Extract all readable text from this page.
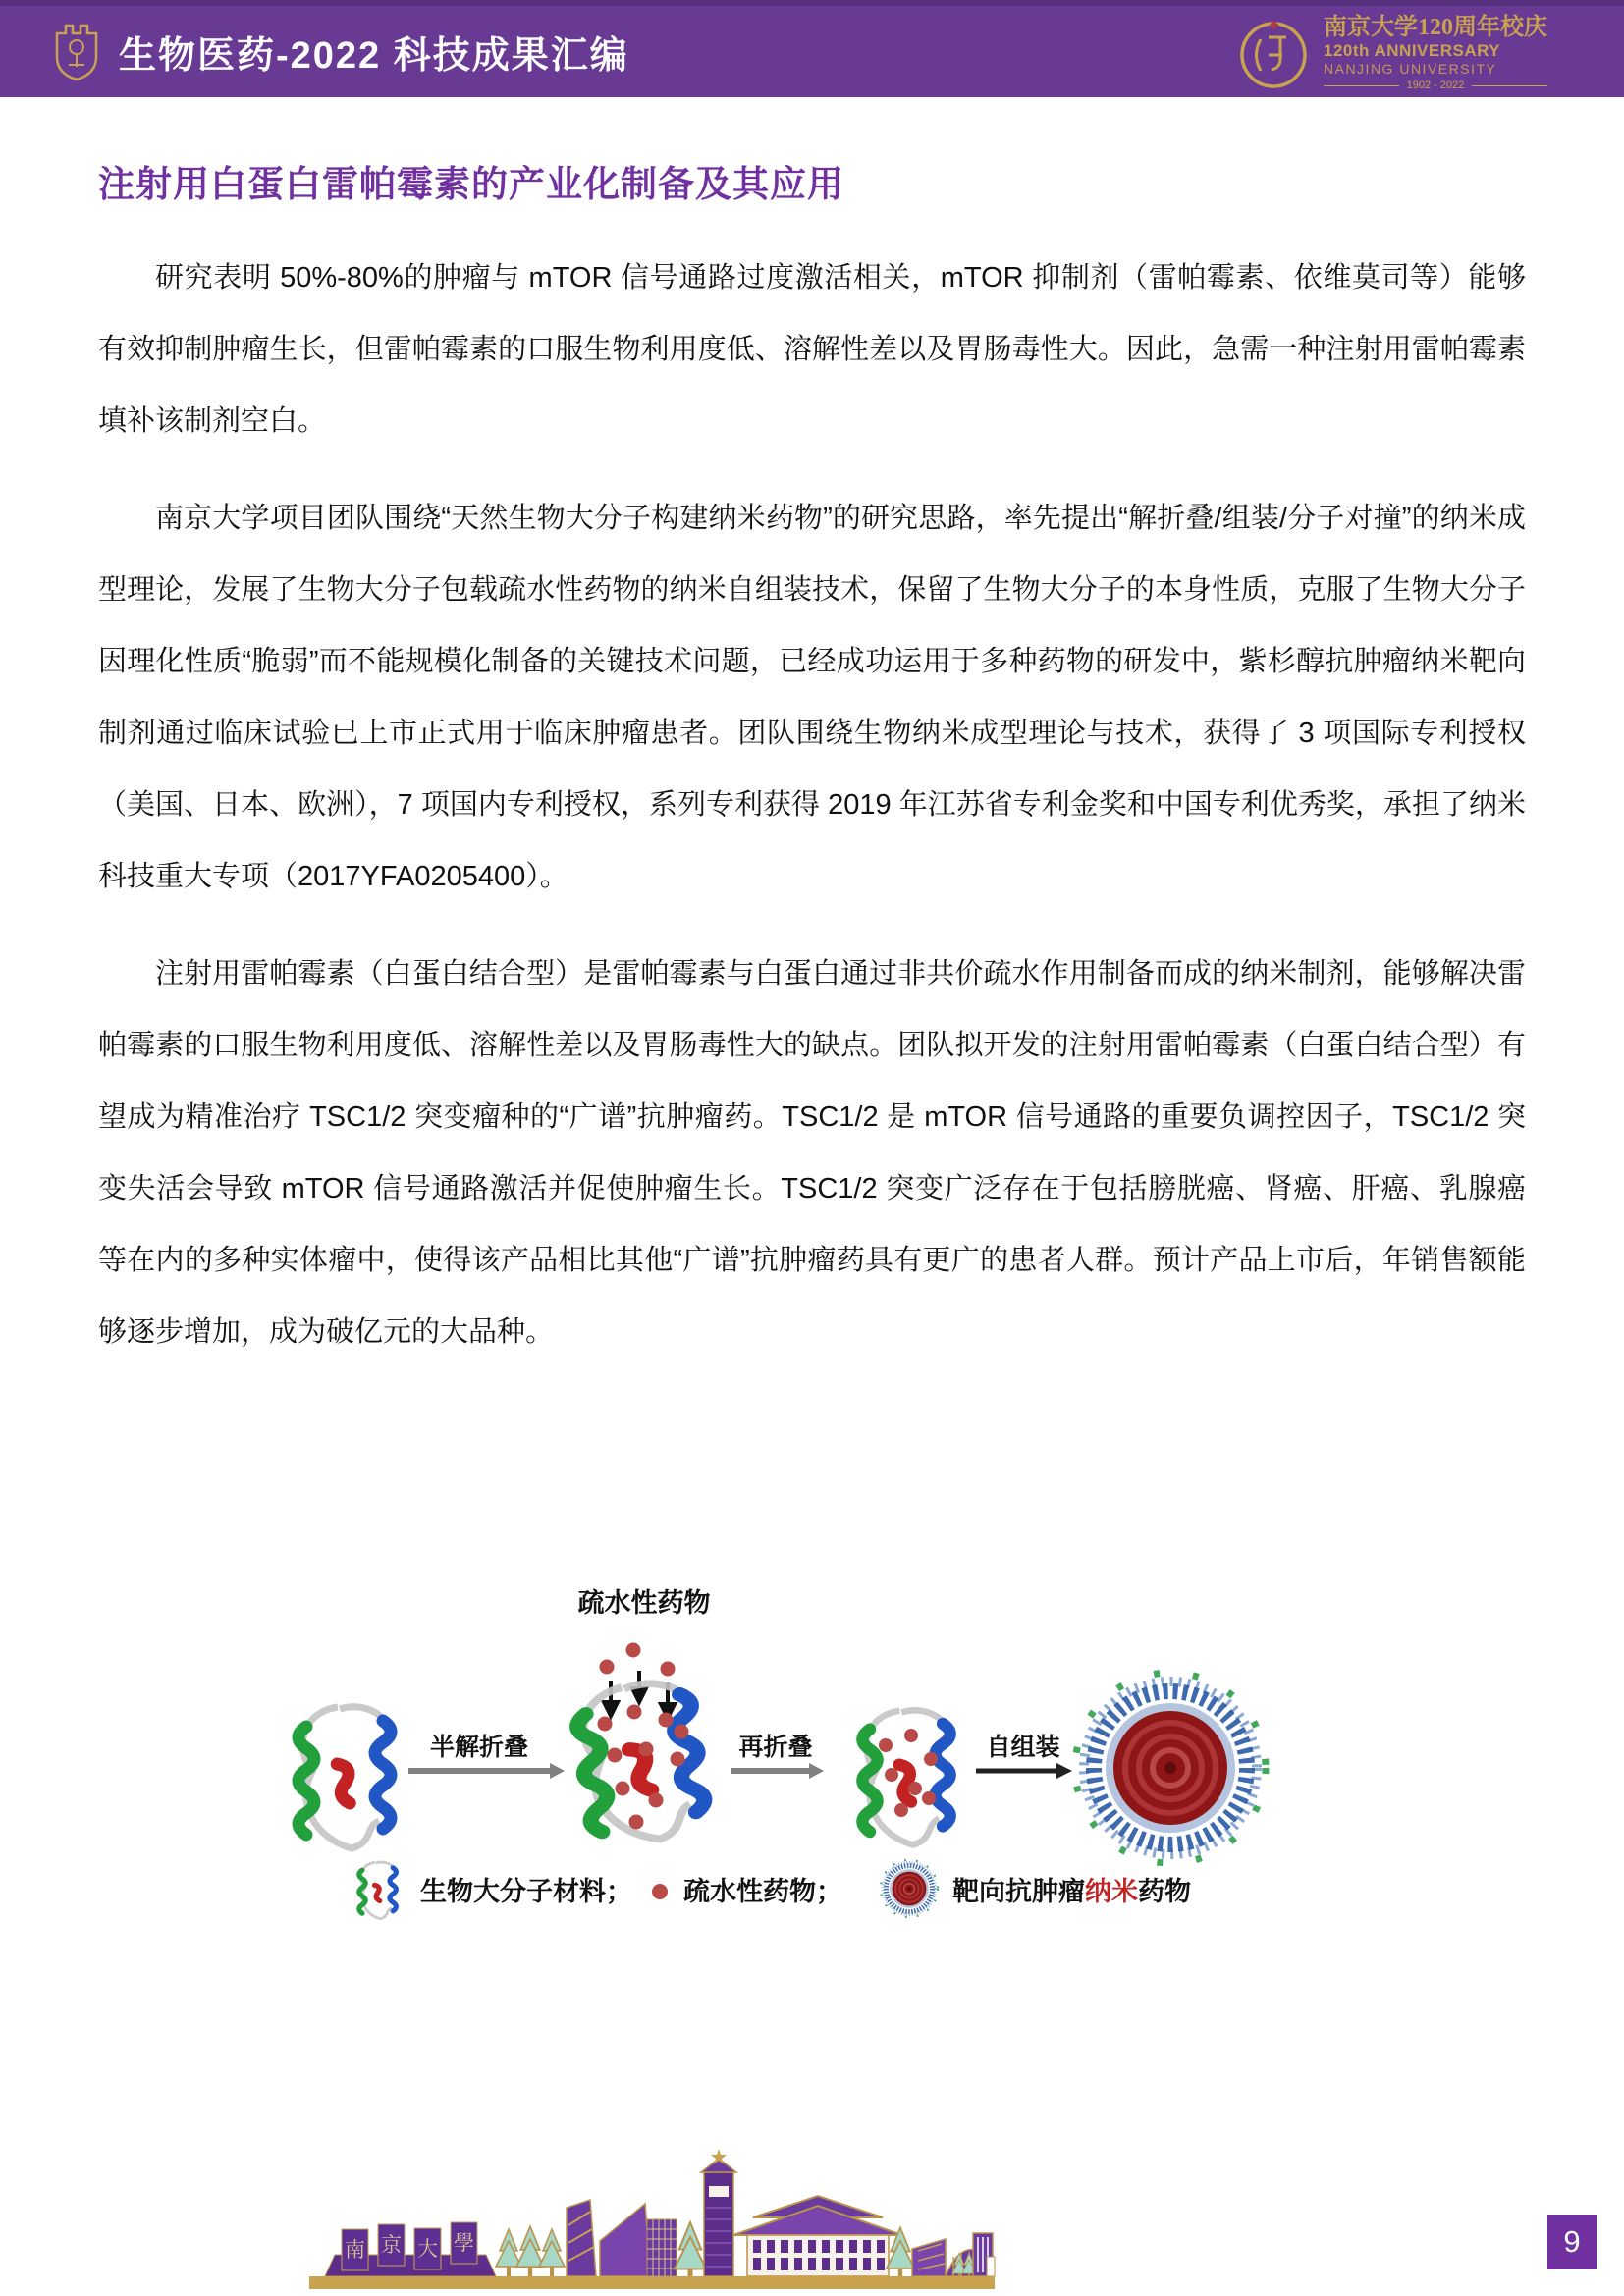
生物医药-2022 科技成果汇编
南京大学120周年校庆
120th ANNIVERSARY
NANJING UNIVERSITY
1902 - 2022
注射用白蛋白雷帕霉素的产业化制备及其应用

研究表明 50%-80%的肿瘤与 mTOR 信号通路过度激活相关，mTOR 抑制剂（雷帕霉素、依维莫司等）能够有效抑制肿瘤生长，但雷帕霉素的口服生物利用度低、溶解性差以及胃肠毒性大。因此，急需一种注射用雷帕霉素填补该制剂空白。

南京大学项目团队围绕“天然生物大分子构建纳米药物”的研究思路，率先提出“解折叠/组装/分子对撞”的纳米成型理论，发展了生物大分子包载疏水性药物的纳米自组装技术，保留了生物大分子的本身性质，克服了生物大分子因理化性质“脆弱”而不能规模化制备的关键技术问题，已经成功运用于多种药物的研发中，紫杉醇抗肿瘤纳米靶向制剂通过临床试验已上市正式用于临床肿瘤患者。团队围绕生物纳米成型理论与技术，获得了 3 项国际专利授权（美国、日本、欧洲），7 项国内专利授权，系列专利获得 2019 年江苏省专利金奖和中国专利优秀奖，承担了纳米科技重大专项（2017YFA0205400）。

注射用雷帕霉素（白蛋白结合型）是雷帕霉素与白蛋白通过非共价疏水作用制备而成的纳米制剂，能够解决雷帕霉素的口服生物利用度低、溶解性差以及胃肠毒性大的缺点。团队拟开发的注射用雷帕霉素（白蛋白结合型）有望成为精准治疗 TSC1/2 突变瘤种的“广谱”抗肿瘤药。TSC1/2 是 mTOR 信号通路的重要负调控因子，TSC1/2 突变失活会导致 mTOR 信号通路激活并促使肿瘤生长。TSC1/2 突变广泛存在于包括膀胱癌、肾癌、肝癌、乳腺癌等在内的多种实体瘤中，使得该产品相比其他“广谱”抗肿瘤药具有更广的患者人群。预计产品上市后，年销售额能够逐步增加，成为破亿元的大品种。

疏水性药物
半解折叠	再折叠	自组装
生物大分子材料； 疏水性药物；	靶向抗肿瘤纳米药物
南 京 大 學	9
